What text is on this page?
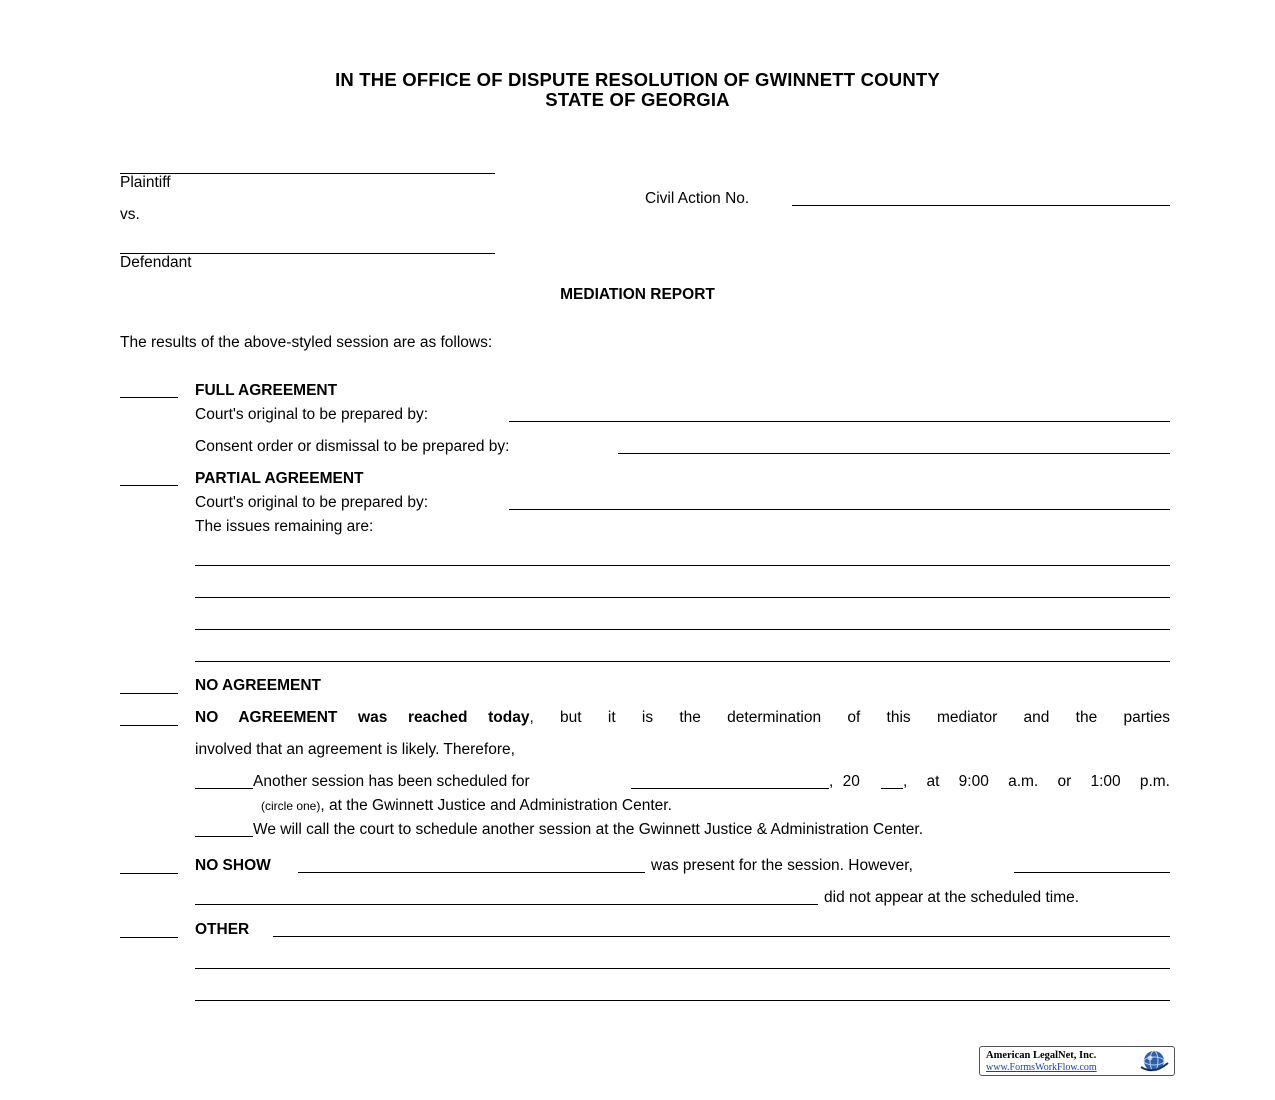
IN THE OFFICE OF DISPUTE RESOLUTION OF GWINNETT COUNTY
STATE OF GEORGIA
Plaintiff
vs.
Defendant
Civil Action No.
MEDIATION REPORT
The results of the above-styled session are as follows:
FULL AGREEMENT
Court's original to be prepared by:
Consent order or dismissal to be prepared by:
PARTIAL AGREEMENT
Court's original to be prepared by:
The issues remaining are:
NO AGREEMENT
NO AGREEMENT was reached today, but it is the determination of this mediator and the parties
involved that an agreement is likely. Therefore,
Another session has been scheduled for	, 20	, at 9:00 a.m. or 1:00 p.m.
(circle one), at the Gwinnett Justice and Administration Center.
We will call the court to schedule another session at the Gwinnett Justice & Administration Center.
NO SHOW	was present for the session. However,
did not appear at the scheduled time.
OTHER
American LegalNet, Inc.
www.FormsWorkFlow.com
